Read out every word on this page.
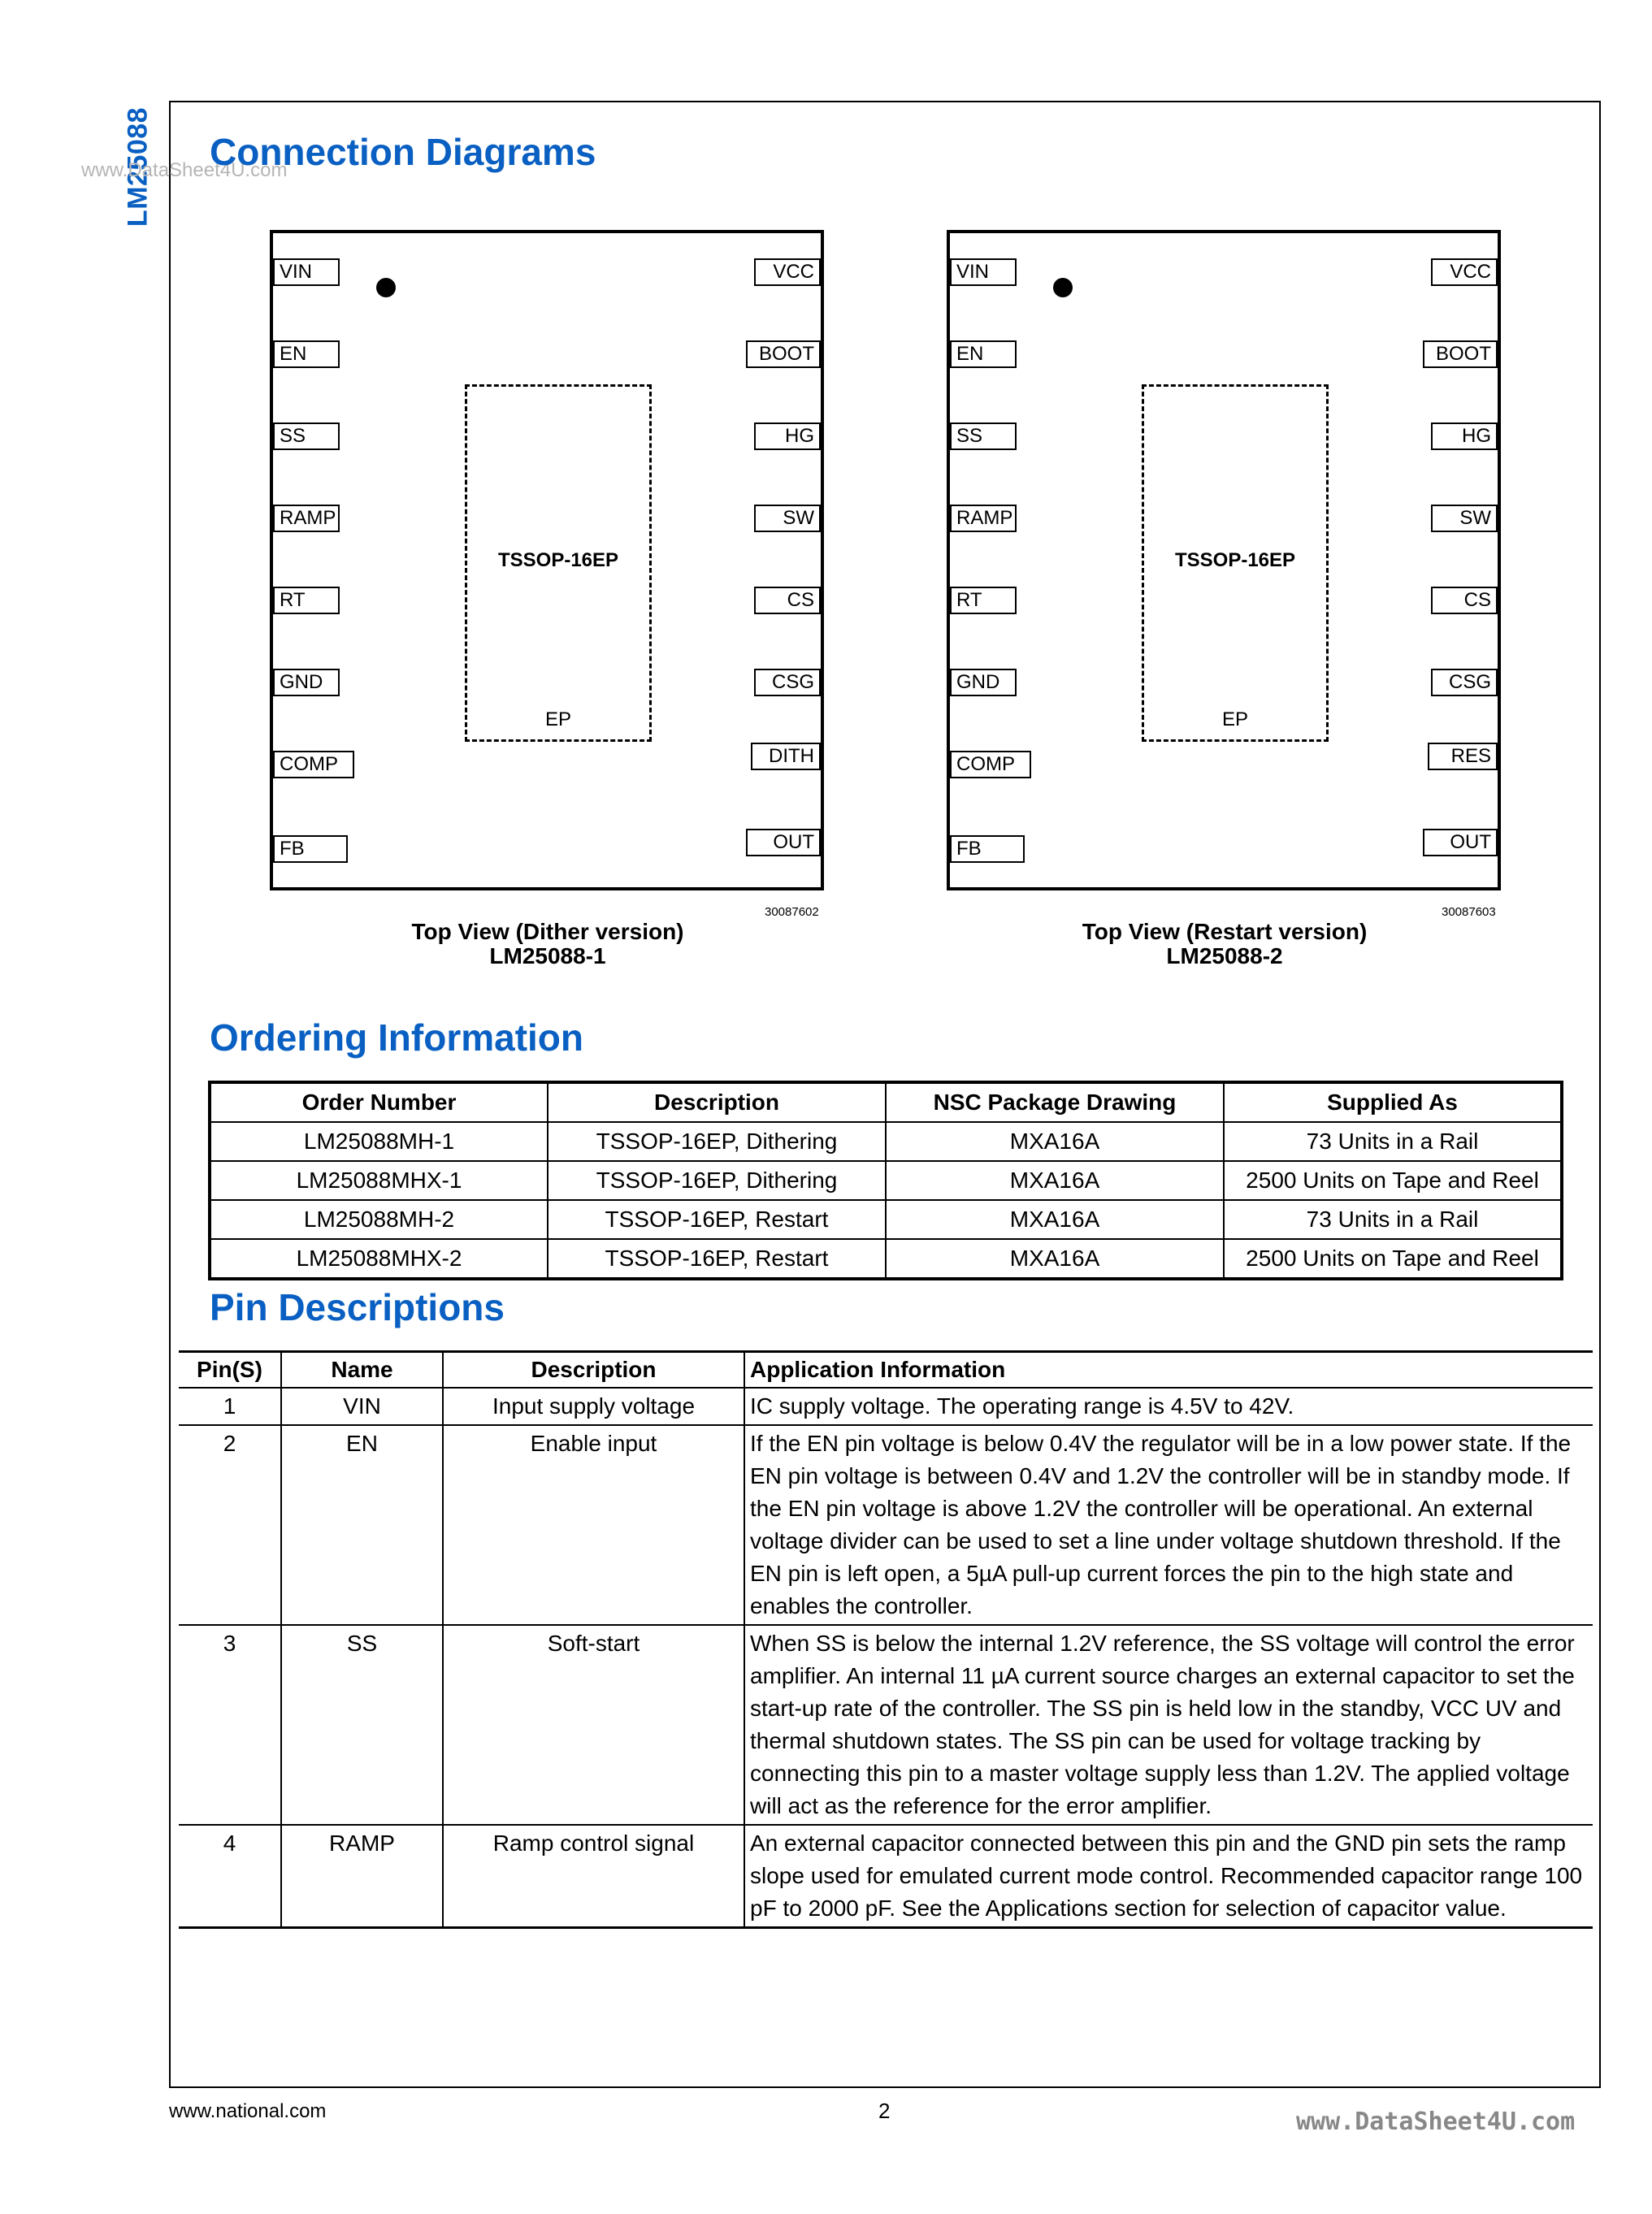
LM25088
www.DataSheet4U.com
Connection Diagrams
VIN
EN
SS
RAMP
RT
GND
COMP
FB
VCC
BOOT
HG
SW
CS
CSG
DITH
OUT
TSSOP-16EP
EP
30087602
Top View (Dither version)
LM25088-1
VIN
EN
SS
RAMP
RT
GND
COMP
FB
VCC
BOOT
HG
SW
CS
CSG
RES
OUT
TSSOP-16EP
EP
30087603
Top View (Restart version)
LM25088-2
Ordering Information
Order Number	Description	NSC Package Drawing	Supplied As
LM25088MH-1	TSSOP-16EP, Dithering	MXA16A	73 Units in a Rail
LM25088MHX-1	TSSOP-16EP, Dithering	MXA16A	2500 Units on Tape and Reel
LM25088MH-2	TSSOP-16EP, Restart	MXA16A	73 Units in a Rail
LM25088MHX-2	TSSOP-16EP, Restart	MXA16A	2500 Units on Tape and Reel
Pin Descriptions
Pin(S)	Name	Description	Application Information
1	VIN	Input supply voltage	IC supply voltage. The operating range is 4.5V to 42V.
2	EN	Enable input	If the EN pin voltage is below 0.4V the regulator will be in a low power state. If the EN pin voltage is between 0.4V and 1.2V the controller will be in standby mode. If the EN pin voltage is above 1.2V the controller will be operational. An external voltage divider can be used to set a line under voltage shutdown threshold. If the EN pin is left open, a 5µA pull-up current forces the pin to the high state and enables the controller.
3	SS	Soft-start	When SS is below the internal 1.2V reference, the SS voltage will control the error amplifier. An internal 11 µA current source charges an external capacitor to set the start-up rate of the controller. The SS pin is held low in the standby, VCC UV and thermal shutdown states. The SS pin can be used for voltage tracking by connecting this pin to a master voltage supply less than 1.2V. The applied voltage will act as the reference for the error amplifier.
4	RAMP	Ramp control signal	An external capacitor connected between this pin and the GND pin sets the ramp slope used for emulated current mode control. Recommended capacitor range 100 pF to 2000 pF. See the Applications section for selection of capacitor value.
www.national.com	2	www.DataSheet4U.com
